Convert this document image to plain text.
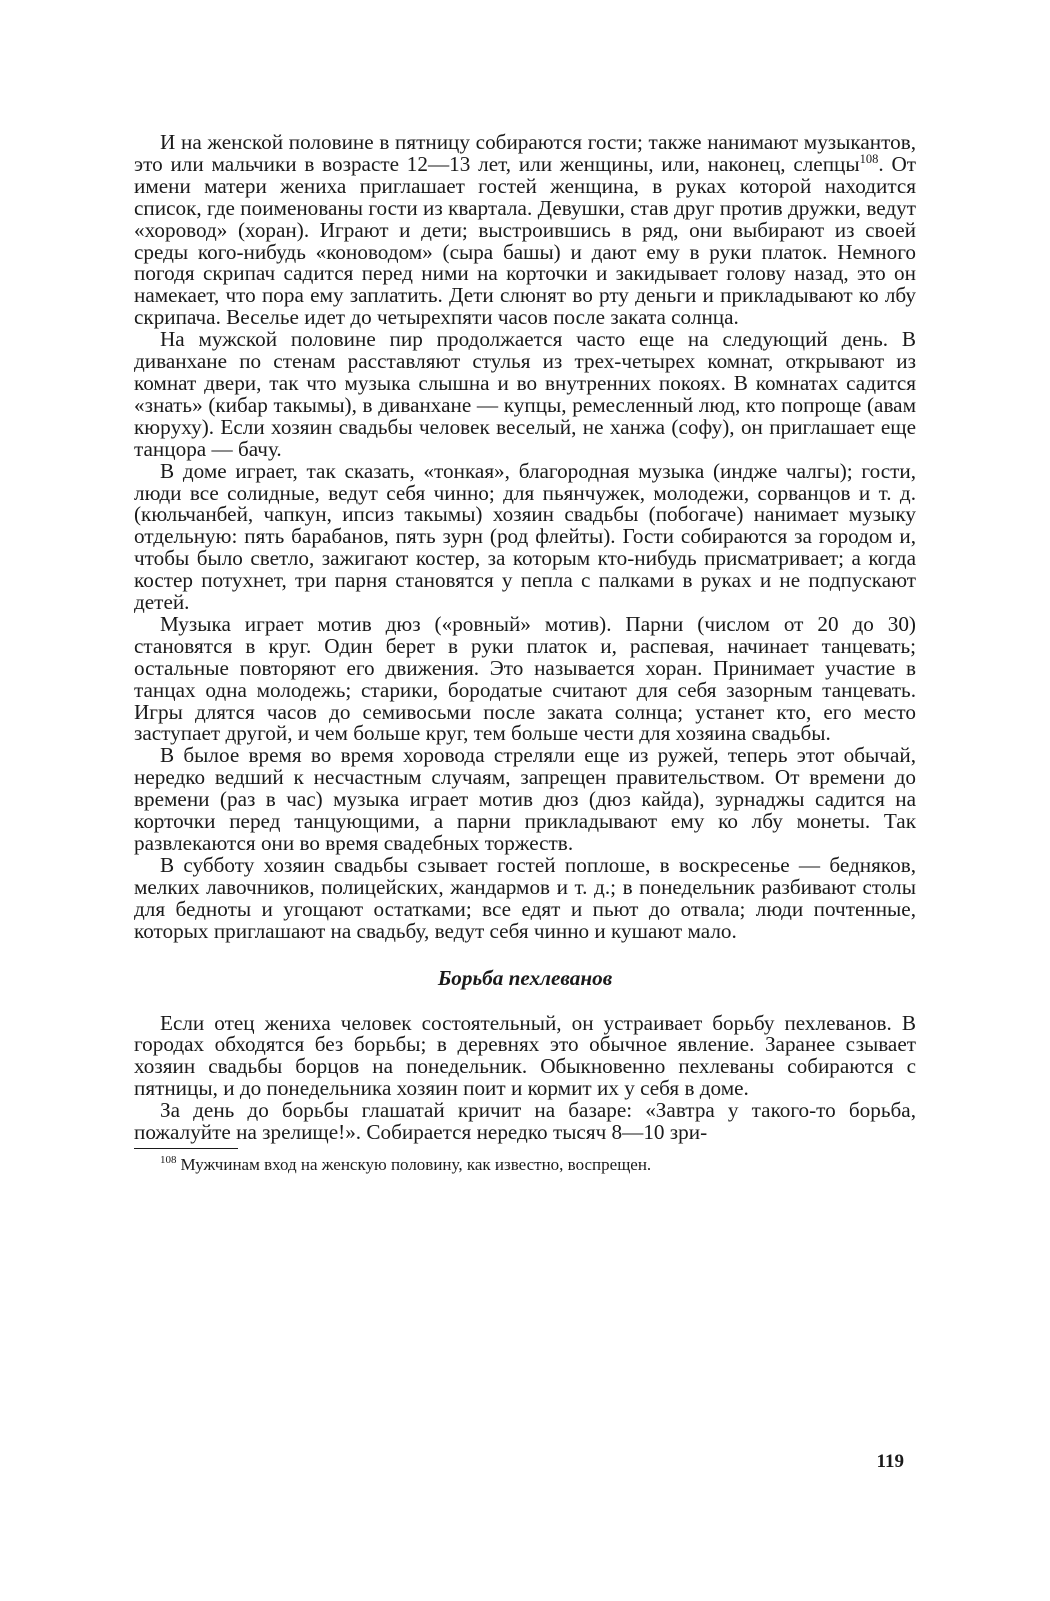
И на женской половине в пятницу собираются гости; также нанимают музыкантов, это или мальчики в возрасте 12—13 лет, или женщины, или, наконец, слепцы$^{108}$. От имени матери жениха приглашает гостей женщина, в руках которой находится список, где поименованы гости из квартала. Девушки, став друг против дружки, ведут «хоровод» (хоран). Играют и дети; выстроившись в ряд, они выбирают из своей среды кого-нибудь «коноводом» (сыра башы) и дают ему в руки платок. Немного погодя скрипач садится перед ними на корточки и закидывает голову назад, это он намекает, что пора ему заплатить. Дети слюнят во рту деньги и прикладывают ко лбу скрипача. Веселье идет до четырехпяти часов после заката солнца.

На мужской половине пир продолжается часто еще на следующий день. В диванхане по стенам расставляют стулья из трех-четырех комнат, открывают из комнат двери, так что музыка слышна и во внутренних покоях. В комнатах садится «знать» (кибар такымы), в диванхане — купцы, ремесленный люд, кто попроще (авам кюрyху). Если хозяин свадьбы человек веселый, не ханжа (софу), он приглашает еще танцора — бачу.

В доме играет, так сказать, «тонкая», благородная музыка (индже чалгы); гости, люди все солидные, ведут себя чинно; для пьянчужек, молодежи, сорванцов и т. д. (кюльчанбей, чапкун, ипсиз такымы) хозяин свадьбы (побогаче) нанимает музыку отдельную: пять барабанов, пять зурн (род флейты). Гости собираются за городом и, чтобы было светло, зажигают костер, за которым кто-нибудь присматривает; а когда костер потухнет, три парня становятся у пепла с палками в руках и не подпускают детей.

Музыка играет мотив дюз («ровный» мотив). Парни (числом от 20 до 30) становятся в круг. Один берет в руки платок и, распевая, начинает танцевать; остальные повторяют его движения. Это называется хоран. Принимает участие в танцах одна молодежь; старики, бородатые считают для себя зазорным танцевать. Игры длятся часов до семивосьми после заката солнца; устанет кто, его место заступает другой, и чем больше круг, тем больше чести для хозяина свадьбы.

В былое время во время хоровода стреляли еще из ружей, теперь этот обычай, нередко ведший к несчастным случаям, запрещен правительством. От времени до времени (раз в час) музыка играет мотив дюз (дюз кайда), зурнаджы садится на корточки перед танцующими, а парни прикладывают ему ко лбу монеты. Так развлекаются они во время свадебных торжеств.

В субботу хозяин свадьбы сзывает гостей поплоше, в воскресенье — бедняков, мелких лавочников, полицейских, жандармов и т. д.; в понедельник разбивают столы для бедноты и угощают остатками; все едят и пьют до отвала; люди почтенные, которых приглашают на свадьбу, ведут себя чинно и кушают мало.

Борьба пехлеванов

Если отец жениха человек состоятельный, он устраивает борьбу пехлеванов. В городах обходятся без борьбы; в деревнях это обычное явление. Заранее сзывает хозяин свадьбы борцов на понедельник. Обыкновенно пехлеваны собираются с пятницы, и до понедельника хозяин поит и кормит их у себя в доме.

За день до борьбы глашатай кричит на базаре: «Завтра у такого-то борьба, пожалуйте на зрелище!». Собирается нередко тысяч 8—10 зри-

$^{108}$ Мужчинам вход на женскую половину, как известно, воспрещен.

119
